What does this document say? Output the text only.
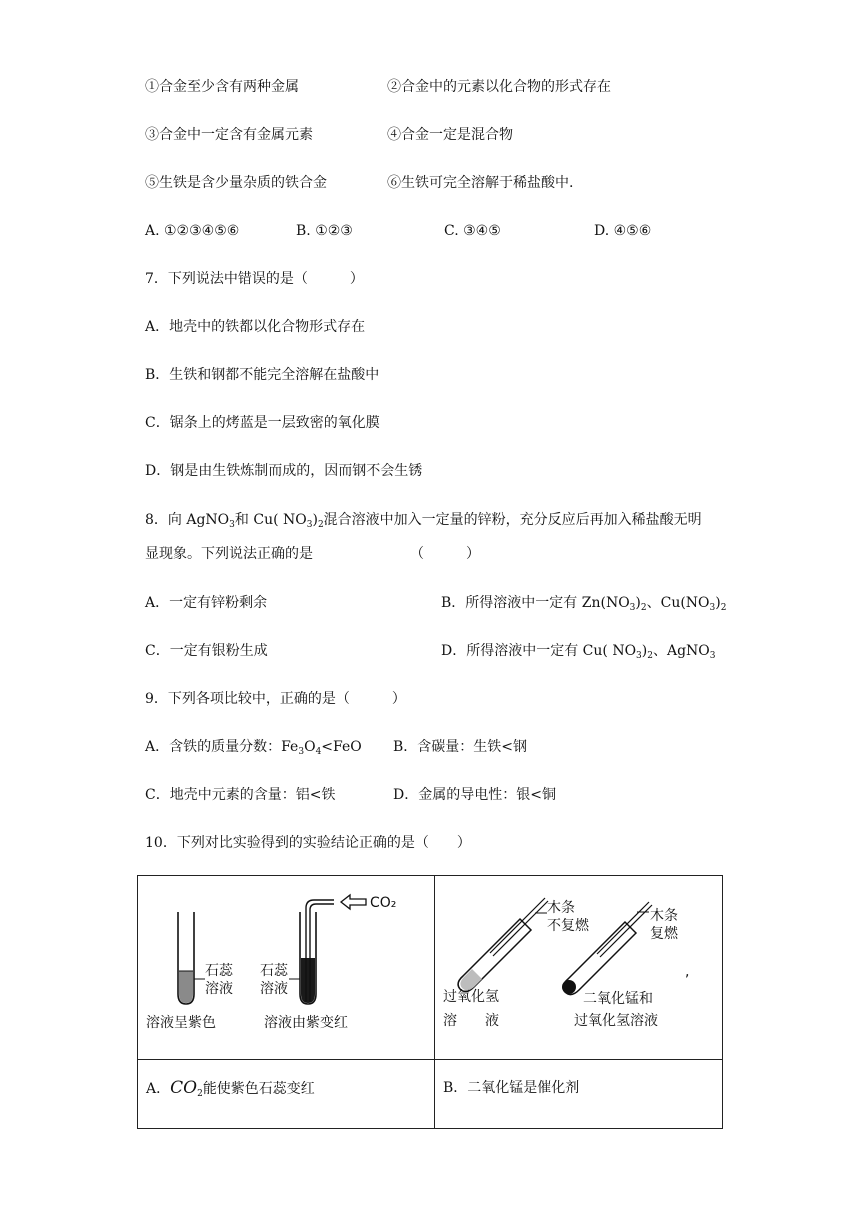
①合金至少含有两种金属	②合金中的元素以化合物的形式存在
③合金中一定含有金属元素	④合金一定是混合物
⑤生铁是含少量杂质的铁合金	⑥生铁可完全溶解于稀盐酸中.
A. ①②③④⑤⑥	B. ①②③	C. ③④⑤	D. ④⑤⑥
7．下列说法中错误的是（　　　）
A．地壳中的铁都以化合物形式存在
B．生铁和钢都不能完全溶解在盐酸中
C．锯条上的烤蓝是一层致密的氧化膜
D．钢是由生铁炼制而成的，因而钢不会生锈
8．向 AgNO$_3$和 Cu( $NO_3)_2$混合溶液中加入一定量的锌粉，充分反应后再加入稀盐酸无明
显现象。下列说法正确的是	（　　　）
A．一定有锌粉剩余	B．所得溶液中一定有 $Zn(NO_3)_2$、$Cu(NO_3)_2$
C．一定有银粉生成	D．所得溶液中一定有 Cu( $NO_3)_2$、AgNO$_3$
9．下列各项比较中，正确的是（　　　）
A．含铁的质量分数：$Fe_3O_4<FeO$ B．含碳量：生铁<钢
C．地壳中元素的含量：铝<铁	D．金属的导电性：银<铜
10．下列对比实验得到的实验结论正确的是（　　）
石蕊
溶液
溶液呈紫色
CO₂
石蕊
溶液
溶液由紫变红
木条
不复燃
木条
复燃
,
过氧化氢
溶　　液
二氧化锰和
过氧化氢溶液
A．$CO_2$能使紫色石蕊变红	B．二氧化锰是催化剂
